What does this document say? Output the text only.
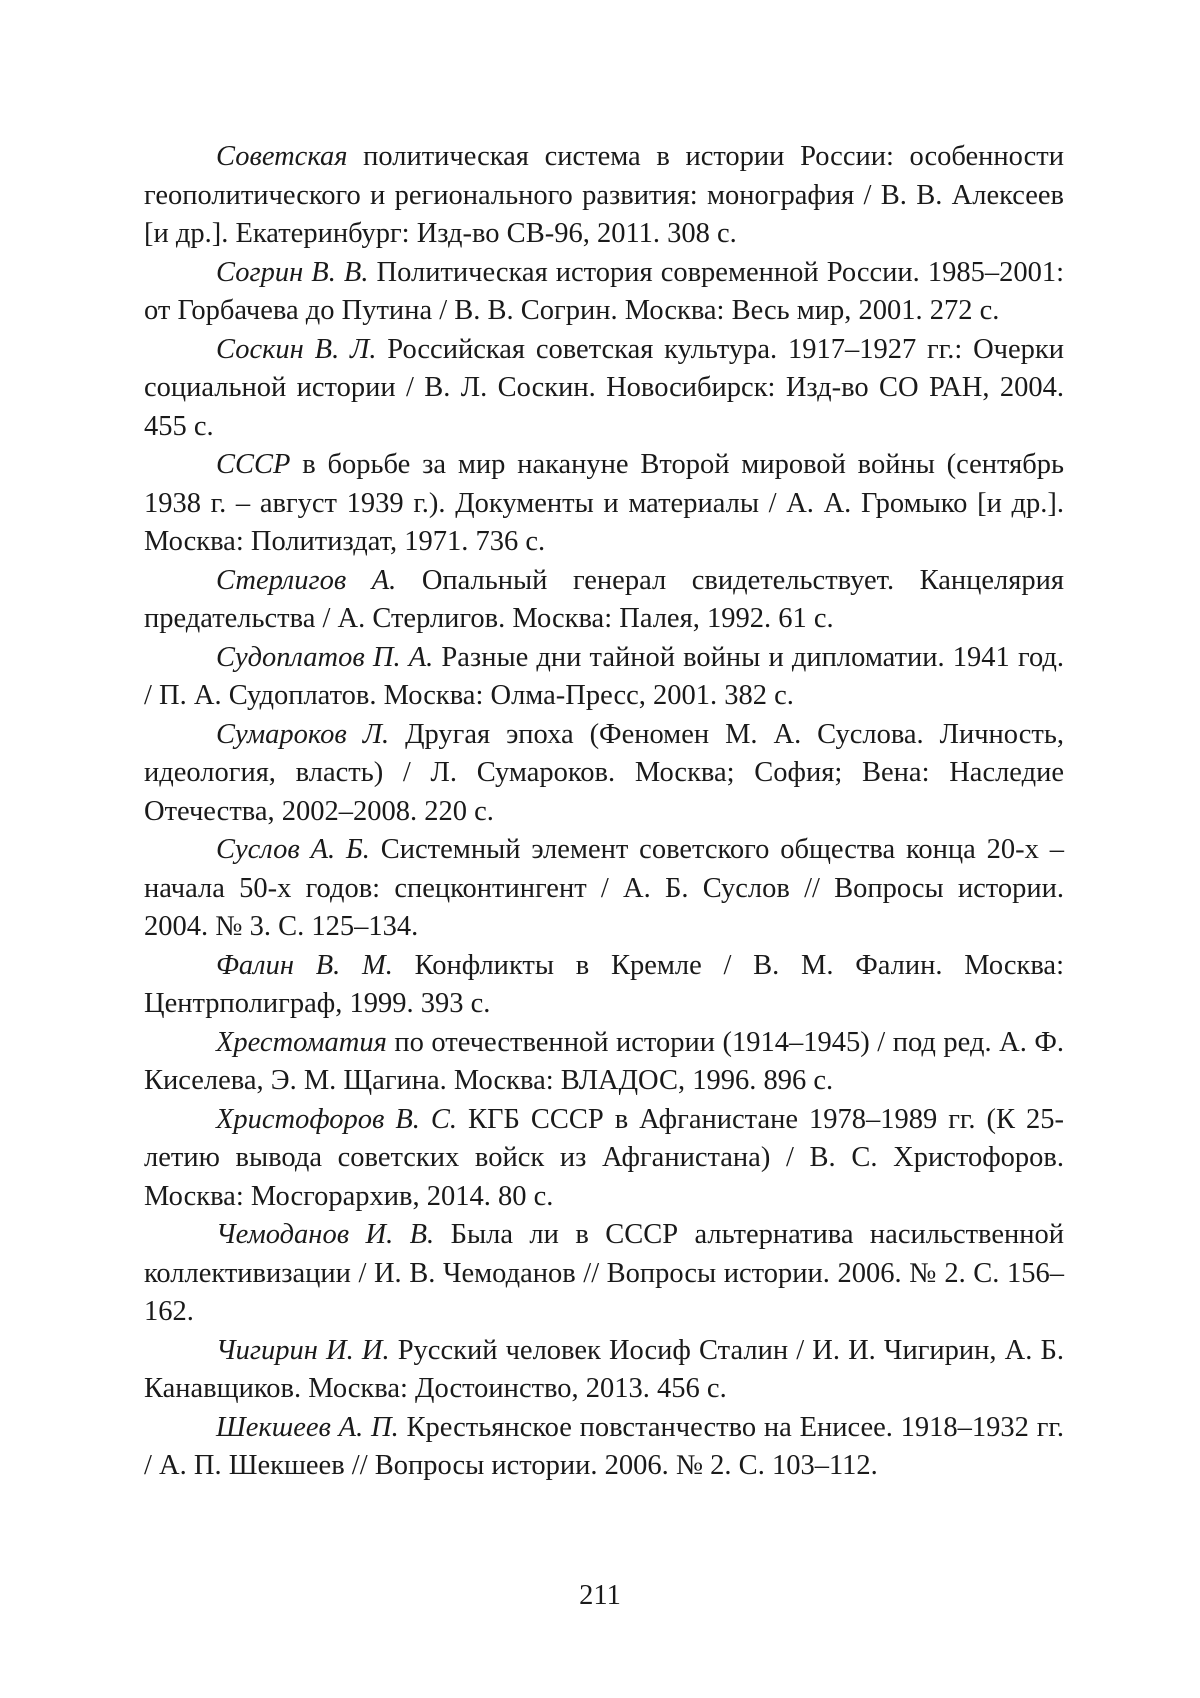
Советская политическая система в истории России: особенности геополитического и регионального развития: монография / В. В. Алексеев [и др.]. Екатеринбург: Изд-во СВ-96, 2011. 308 с.

Согрин В. В. Политическая история современной России. 1985–2001: от Горбачева до Путина / В. В. Согрин. Москва: Весь мир, 2001. 272 с.

Соскин В. Л. Российская советская культура. 1917–1927 гг.: Очерки социальной истории / В. Л. Соскин. Новосибирск: Изд-во СО РАН, 2004. 455 с.

СССР в борьбе за мир накануне Второй мировой войны (сентябрь 1938 г. – август 1939 г.). Документы и материалы / А. А. Громыко [и др.]. Москва: Политиздат, 1971. 736 с.

Стерлигов А. Опальный генерал свидетельствует. Канцелярия предательства / А. Стерлигов. Москва: Палея, 1992. 61 с.

Судоплатов П. А. Разные дни тайной войны и дипломатии. 1941 год. / П. А. Судоплатов. Москва: Олма-Пресс, 2001. 382 с.

Сумароков Л. Другая эпоха (Феномен М. А. Суслова. Личность, идеология, власть) / Л. Сумароков. Москва; София; Вена: Наследие Отечества, 2002–2008. 220 с.

Суслов А. Б. Системный элемент советского общества конца 20-х – начала 50-х годов: спецконтингент / А. Б. Суслов // Вопросы истории. 2004. № 3. С. 125–134.

Фалин В. М. Конфликты в Кремле / В. М. Фалин. Москва: Центрполиграф, 1999. 393 с.

Хрестоматия по отечественной истории (1914–1945) / под ред. А. Ф. Киселева, Э. М. Щагина. Москва: ВЛАДОС, 1996. 896 с.

Христофоров В. С. КГБ СССР в Афганистане 1978–1989 гг. (К 25-летию вывода советских войск из Афганистана) / В. С. Христофоров. Москва: Мосгорархив, 2014. 80 с.

Чемоданов И. В. Была ли в СССР альтернатива насильственной коллективизации / И. В. Чемоданов // Вопросы истории. 2006. № 2. С. 156–162.

Чигирин И. И. Русский человек Иосиф Сталин / И. И. Чигирин, А. Б. Канавщиков. Москва: Достоинство, 2013. 456 с.

Шекшеев А. П. Крестьянское повстанчество на Енисее. 1918–1932 гг. / А. П. Шекшеев // Вопросы истории. 2006. № 2. С. 103–112.

211
